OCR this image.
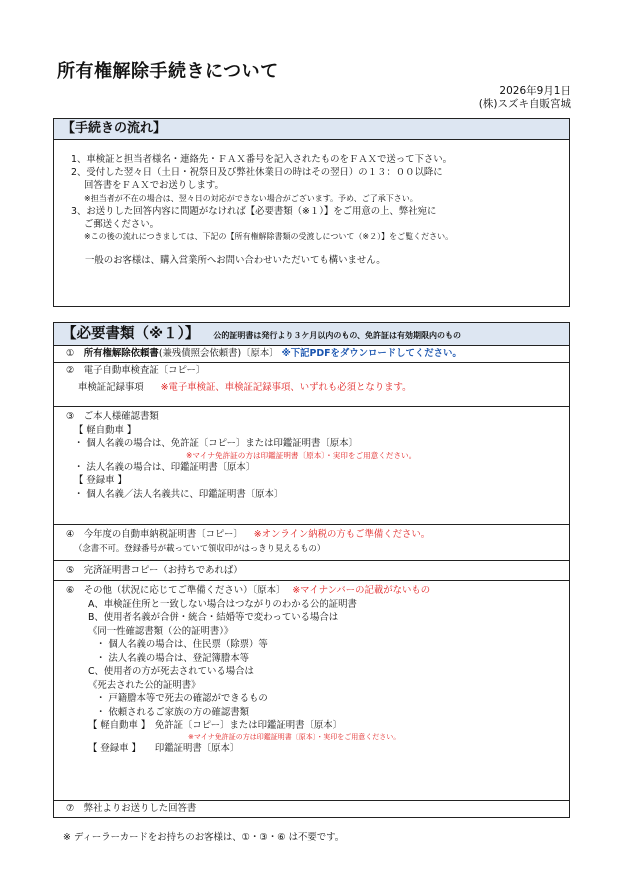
所有権解除手続きについて
2026年9月1日
(株)スズキ自販宮城
【手続きの流れ】
1、車検証と担当者様名・連絡先・ＦＡＸ番号を記入されたものをＦＡＸで送って下さい。
2、受付した翌々日（土日・祝祭日及び弊社休業日の時はその翌日）の１３：００以降に
回答書をＦＡＸでお送りします。
※担当者が不在の場合は、翌々日の対応ができない場合がございます。予め、ご了承下さい。
3、お送りした回答内容に問題がなければ【必要書類（※１）】をご用意の上、弊社宛に
ご郵送ください。
※この後の流れにつきましては、下記の【所有権解除書類の受渡しについて（※２）】をご覧ください。
一般のお客様は、購入営業所へお問い合わせいただいても構いません。
【必要書類（※１）】 公的証明書は発行より３ケ月以内のもの、免許証は有効期限内のもの
①　 所有権解除依頼書(兼残債照会依頼書)〔原本〕 ※下記PDFをダウンロードしてください。
②　電子自動車検査証〔コピー〕
車検証記録事項 ※電子車検証、車検証記録事項、いずれも必須となります。
③　ご本人様確認書類
【 軽自動車 】
・ 個人名義の場合は、免許証〔コピー〕または印鑑証明書〔原本〕
※マイナ免許証の方は印鑑証明書〔原本〕・実印をご用意ください。
・ 法人名義の場合は、印鑑証明書〔原本〕
【 登録車 】
・ 個人名義／法人名義共に、印鑑証明書〔原本〕
④　今年度の自動車納税証明書〔コピー〕 ※オンライン納税の方もご準備ください。
（念書不可。登録番号が載っていて領収印がはっきり見えるもの）
⑤　完済証明書コピー（お持ちであれば）
⑥　その他（状況に応じてご準備ください）〔原本〕 ※マイナンバーの記載がないもの
A、車検証住所と一致しない場合はつながりのわかる公的証明書
B、使用者名義が合併・統合・結婚等で変わっている場合は
《同一性確認書類（公的証明書）》
・ 個人名義の場合は、住民票（除票）等
・ 法人名義の場合は、登記簿謄本等
C、使用者の方が死去されている場合は
《死去された公的証明書》
・ 戸籍謄本等で死去の確認ができるもの
・ 依頼されるご家族の方の確認書類
【 軽自動車 】　免許証〔コピー〕または印鑑証明書〔原本〕
※マイナ免許証の方は印鑑証明書〔原本〕・実印をご用意ください。
【 登録車 】　　印鑑証明書〔原本〕
⑦　弊社よりお送りした回答書
※ ディーラーカードをお持ちのお客様は、①・③・⑥ は不要です。
